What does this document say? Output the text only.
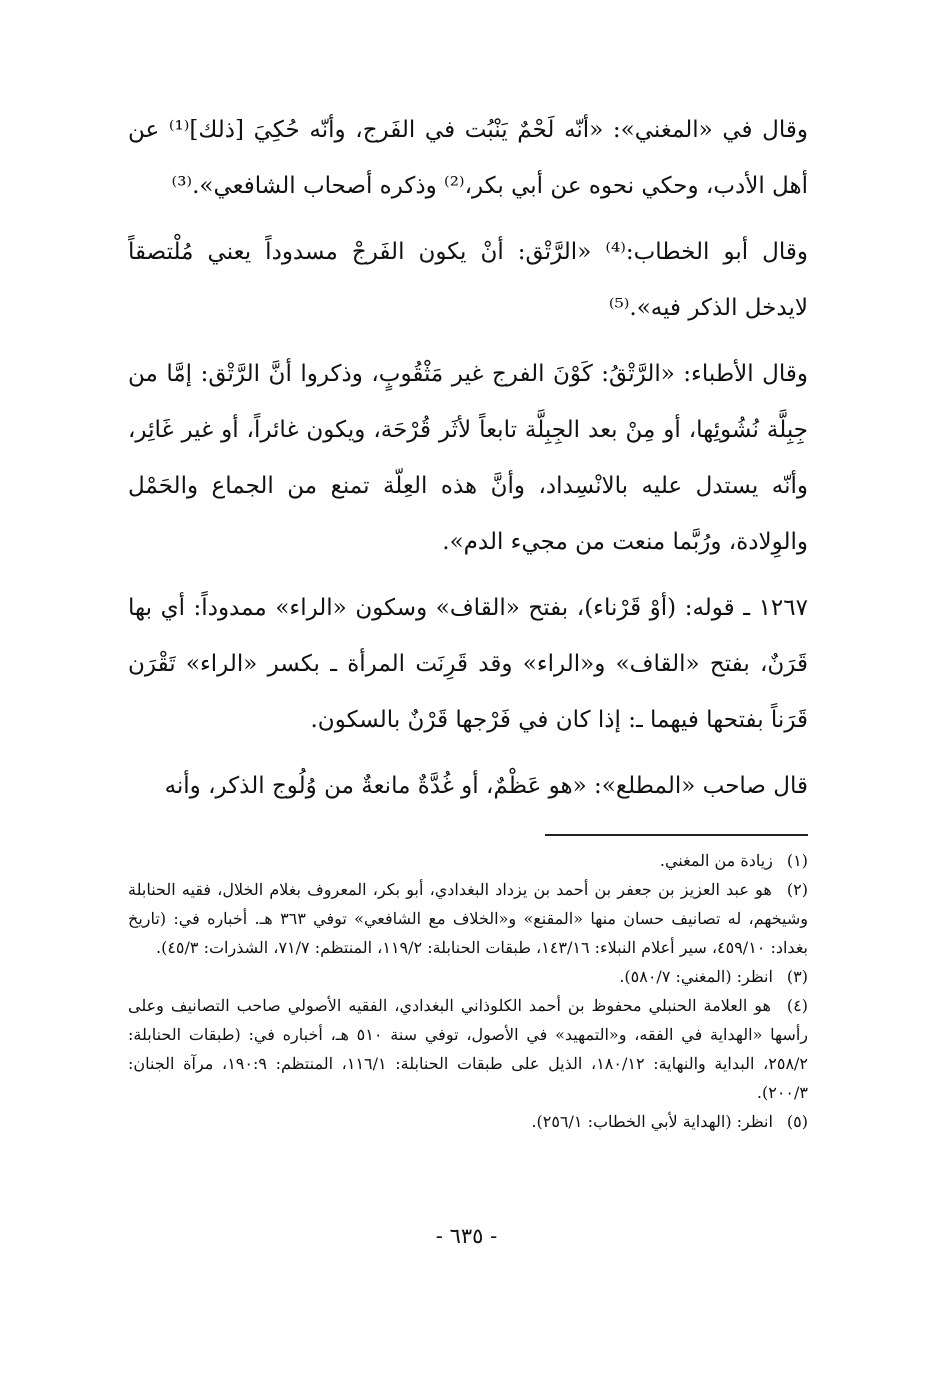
وقال في «المغني»: «أنّه لَحْمٌ يَنْبُت في الفَرج، وأنّه حُكِيَ [ذلك]⁽¹⁾ عن أهل الأدب، وحكي نحوه عن أبي بكر،⁽²⁾ وذكره أصحاب الشافعي».⁽³⁾

وقال أبو الخطاب:⁽⁴⁾ «الرَّتْق: أنْ يكون الفَرجْ مسدوداً يعني مُلْتصقاً لايدخل الذكر فيه».⁽⁵⁾

وقال الأطباء: «الرَّتْقُ: كَوْنَ الفرج غير مَثْقُوبٍ، وذكروا أنَّ الرَّتْق: إمَّا من جِبِلَّة نُشُوئِها، أو مِنْ بعد الجِبِلَّة تابعاً لأثَر قُرْحَة، ويكون غائراً، أو غير غَائِر، وأنّه يستدل عليه بالانْسِداد، وأنَّ هذه العِلّة تمنع من الجماع والحَمْل والوِلادة، ورُبَّما منعت من مجيء الدم».

١٢٦٧ ـ قوله: (أوْ قَرْناء)، بفتح «القاف» وسكون «الراء» ممدوداً: أي بها قَرَنٌ، بفتح «القاف» و«الراء» وقد قَرِنَت المرأة ـ بكسر «الراء» تَقْرَن قَرَناً بفتحها فيهما ـ: إذا كان في فَرْجها قَرْنٌ بالسكون.

قال صاحب «المطلع»: «هو عَظْمٌ، أو غُدَّةٌ مانعةٌ من وُلُوج الذكر، وأنه

(١) زيادة من المغني.

(٢) هو عبد العزيز بن جعفر بن أحمد بن يزداد البغدادي، أبو بكر، المعروف بغلام الخلال، فقيه الحنابلة وشيخهم، له تصانيف حسان منها «المقنع» و«الخلاف مع الشافعي» توفي ٣٦٣ هـ. أخباره في: (تاريخ بغداد: ٤٥٩/١٠، سير أعلام النبلاء: ١٤٣/١٦، طبقات الحنابلة: ١١٩/٢، المنتظم: ٧١/٧، الشذرات: ٤٥/٣).

(٣) انظر: (المغني: ٥٨٠/٧).

(٤) هو العلامة الحنبلي محفوظ بن أحمد الكلوذاني البغدادي، الفقيه الأصولي صاحب التصانيف وعلى رأسها «الهداية في الفقه، و«التمهيد» في الأصول، توفي سنة ٥١٠ هـ، أخباره في: (طبقات الحنابلة: ٢٥٨/٢، البداية والنهاية: ١٨٠/١٢، الذيل على طبقات الحنابلة: ١١٦/١، المنتظم: ١٩٠:٩، مرآة الجنان: ٢٠٠/٣).

(٥) انظر: (الهداية لأبي الخطاب: ٢٥٦/١).

- ٦٣٥ -
